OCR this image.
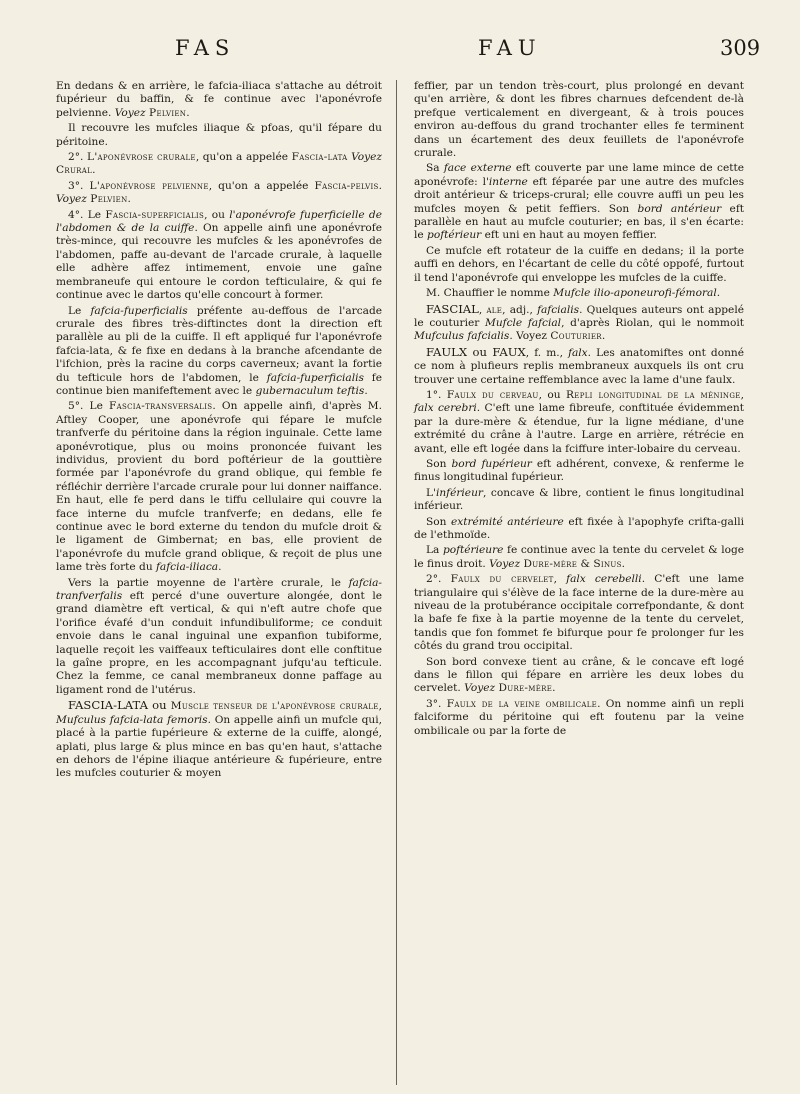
FAS	FAU	309

En dedans & en arrière, le fafcia-iliaca s'attache au détroit fupérieur du baffin, & fe continue avec l'aponévrofe pelvienne. Voyez Pelvien.

Il recouvre les mufcles iliaque & pfoas, qu'il fépare du péritoine.

2°. L'aponévrose crurale, qu'on a appelée Fascia-lata Voyez Crural.

3°. L'aponévrose pelvienne, qu'on a appelée Fascia-pelvis. Voyez Pelvien.

4°. Le Fascia-superficialis, ou l'aponévrofe fuperficielle de l'abdomen & de la cuiffe. On appelle ainfi une aponévrofe très-mince, qui recouvre les mufcles & les aponévrofes de l'abdomen, paffe au-devant de l'arcade crurale, à laquelle elle adhère affez intimement, envoie une gaîne membraneufe qui entoure le cordon tefticulaire, & qui fe continue avec le dartos qu'elle concourt à former.

Le fafcia-fuperficialis préfente au-deffous de l'arcade crurale des fibres très-diftinctes dont la direction eft parallèle au pli de la cuiffe. Il eft appliqué fur l'aponévrofe fafcia-lata, & fe fixe en dedans à la branche afcendante de l'ifchion, près la racine du corps caverneux; avant la fortie du tefticule hors de l'abdomen, le fafcia-fuperficialis fe continue bien manifeftement avec le gubernaculum teftis.

5°. Le Fascia-transversalis. On appelle ainfi, d'après M. Aftley Cooper, une aponévrofe qui fépare le mufcle tranfverfe du péritoine dans la région inguinale. Cette lame aponévrotique, plus ou moins prononcée fuivant les individus, provient du bord poftérieur de la gouttière formée par l'aponévrofe du grand oblique, qui femble fe réfléchir derrière l'arcade crurale pour lui donner naiffance. En haut, elle fe perd dans le tiffu cellulaire qui couvre la face interne du mufcle tranfverfe; en dedans, elle fe continue avec le bord externe du tendon du mufcle droit & le ligament de Gimbernat; en bas, elle provient de l'aponévrofe du mufcle grand oblique, & reçoit de plus une lame très forte du fafcia-iliaca.

Vers la partie moyenne de l'artère crurale, le fafcia-tranfverfalis eft percé d'une ouverture alongée, dont le grand diamètre eft vertical, & qui n'eft autre chofe que l'orifice évafé d'un conduit infundibuliforme; ce conduit envoie dans le canal inguinal une expanfion tubiforme, laquelle reçoit les vaiffeaux tefticulaires dont elle conftitue la gaîne propre, en les accompagnant jufqu'au tefticule. Chez la femme, ce canal membraneux donne paffage au ligament rond de l'utérus.

FASCIA-LATA ou Muscle tenseur de l'aponévrose crurale, Mufculus fafcia-lata femoris. On appelle ainfi un mufcle qui, placé à la partie fupérieure & externe de la cuiffe, alongé, aplati, plus large & plus mince en bas qu'en haut, s'attache en dehors de l'épine iliaque antérieure & fupérieure, entre les mufcles couturier & moyen

feffier, par un tendon très-court, plus prolongé en devant qu'en arrière, & dont les fibres charnues defcendent de-là prefque verticalement en divergeant, & à trois pouces environ au-deffous du grand trochanter elles fe terminent dans un écartement des deux feuillets de l'aponévrofe crurale.

Sa face externe eft couverte par une lame mince de cette aponévrofe: l'interne eft féparée par une autre des mufcles droit antérieur & triceps-crural; elle couvre auffi un peu les mufcles moyen & petit feffiers. Son bord antérieur eft parallèle en haut au mufcle couturier; en bas, il s'en écarte: le poftérieur eft uni en haut au moyen feffier.

Ce mufcle eft rotateur de la cuiffe en dedans; il la porte auffi en dehors, en l'écartant de celle du côté oppofé, furtout il tend l'aponévrofe qui enveloppe les mufcles de la cuiffe.

M. Chauffier le nomme Mufcle ilio-aponeurofi-fémoral.

FASCIAL, ale, adj., fafcialis. Quelques auteurs ont appelé le couturier Mufcle fafcial, d'après Riolan, qui le nommoit Mufculus fafcialis. Voyez Couturier.

FAULX ou FAUX, f. m., falx. Les anatomiftes ont donné ce nom à plufieurs replis membraneux auxquels ils ont cru trouver une certaine reffemblance avec la lame d'une faulx.

1°. Faulx du cerveau, ou Repli longitudinal de la méninge, falx cerebri. C'eft une lame fibreufe, conftituée évidemment par la dure-mère & étendue, fur la ligne médiane, d'une extrémité du crâne à l'autre. Large en arrière, rétrécie en avant, elle eft logée dans la fciffure inter-lobaire du cerveau.

Son bord fupérieur eft adhérent, convexe, & renferme le finus longitudinal fupérieur.

L'inférieur, concave & libre, contient le finus longitudinal inférieur.

Son extrémité antérieure eft fixée à l'apophyfe crifta-galli de l'ethmoïde.

La poftérieure fe continue avec la tente du cervelet & loge le finus droit. Voyez Dure-mère & Sinus.

2°. Faulx du cervelet, falx cerebelli. C'eft une lame triangulaire qui s'élève de la face interne de la dure-mère au niveau de la protubérance occipitale correfpondante, & dont la bafe fe fixe à la partie moyenne de la tente du cervelet, tandis que fon fommet fe bifurque pour fe prolonger fur les côtés du grand trou occipital.

Son bord convexe tient au crâne, & le concave eft logé dans le fillon qui fépare en arrière les deux lobes du cervelet. Voyez Dure-mère.

3°. Faulx de la veine ombilicale. On nomme ainfi un repli falciforme du péritoine qui eft foutenu par la veine ombilicale ou par la forte de
